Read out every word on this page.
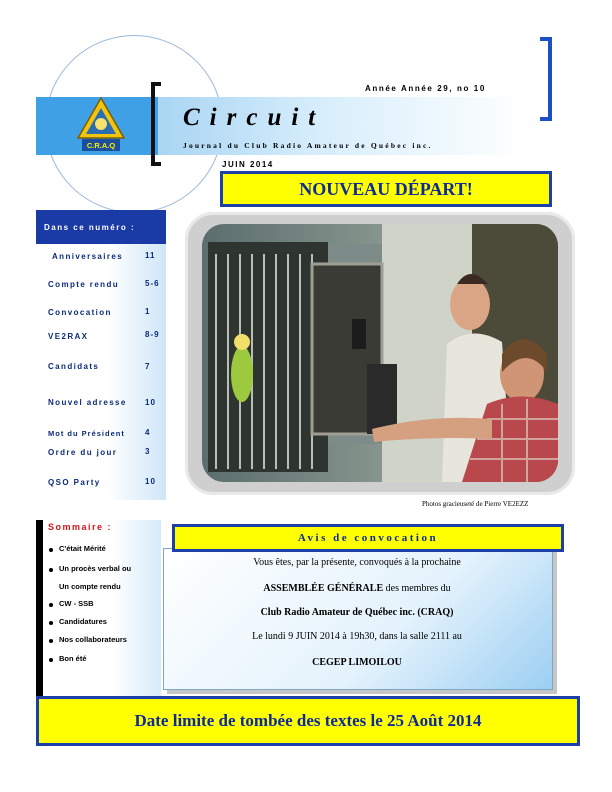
C.R.A.Q
Année Année 29, no 10
Circuit
Journal du Club Radio Amateur de Québec inc.
JUIN 2014
NOUVEAU DÉPART!
Dans ce numéro :
Anniversaires	11
Compte rendu	5-6
Convocation	1
VE2RAX	8-9
Candidats	7
Nouvel adresse 10
Mot du Président	4
Ordre du jour	3
QSO Party	10
Photos gracieuseté de Pierre VE2EZZ
Sommaire :
C'était Mérité
Un procès verbal ou
Un compte rendu
CW - SSB
Candidatures
Nos collaborateurs
Bon été
Avis de convocation
Vous êtes, par la présente, convoqués à la prochaine
ASSEMBLÉE GÉNÉRALE des membres du
Club Radio Amateur de Québec inc. (CRAQ)
Le lundi 9 JUIN 2014 à 19h30, dans la salle 2111 au
CEGEP LIMOILOU
Date limite de tombée des textes le 25 Août 2014
